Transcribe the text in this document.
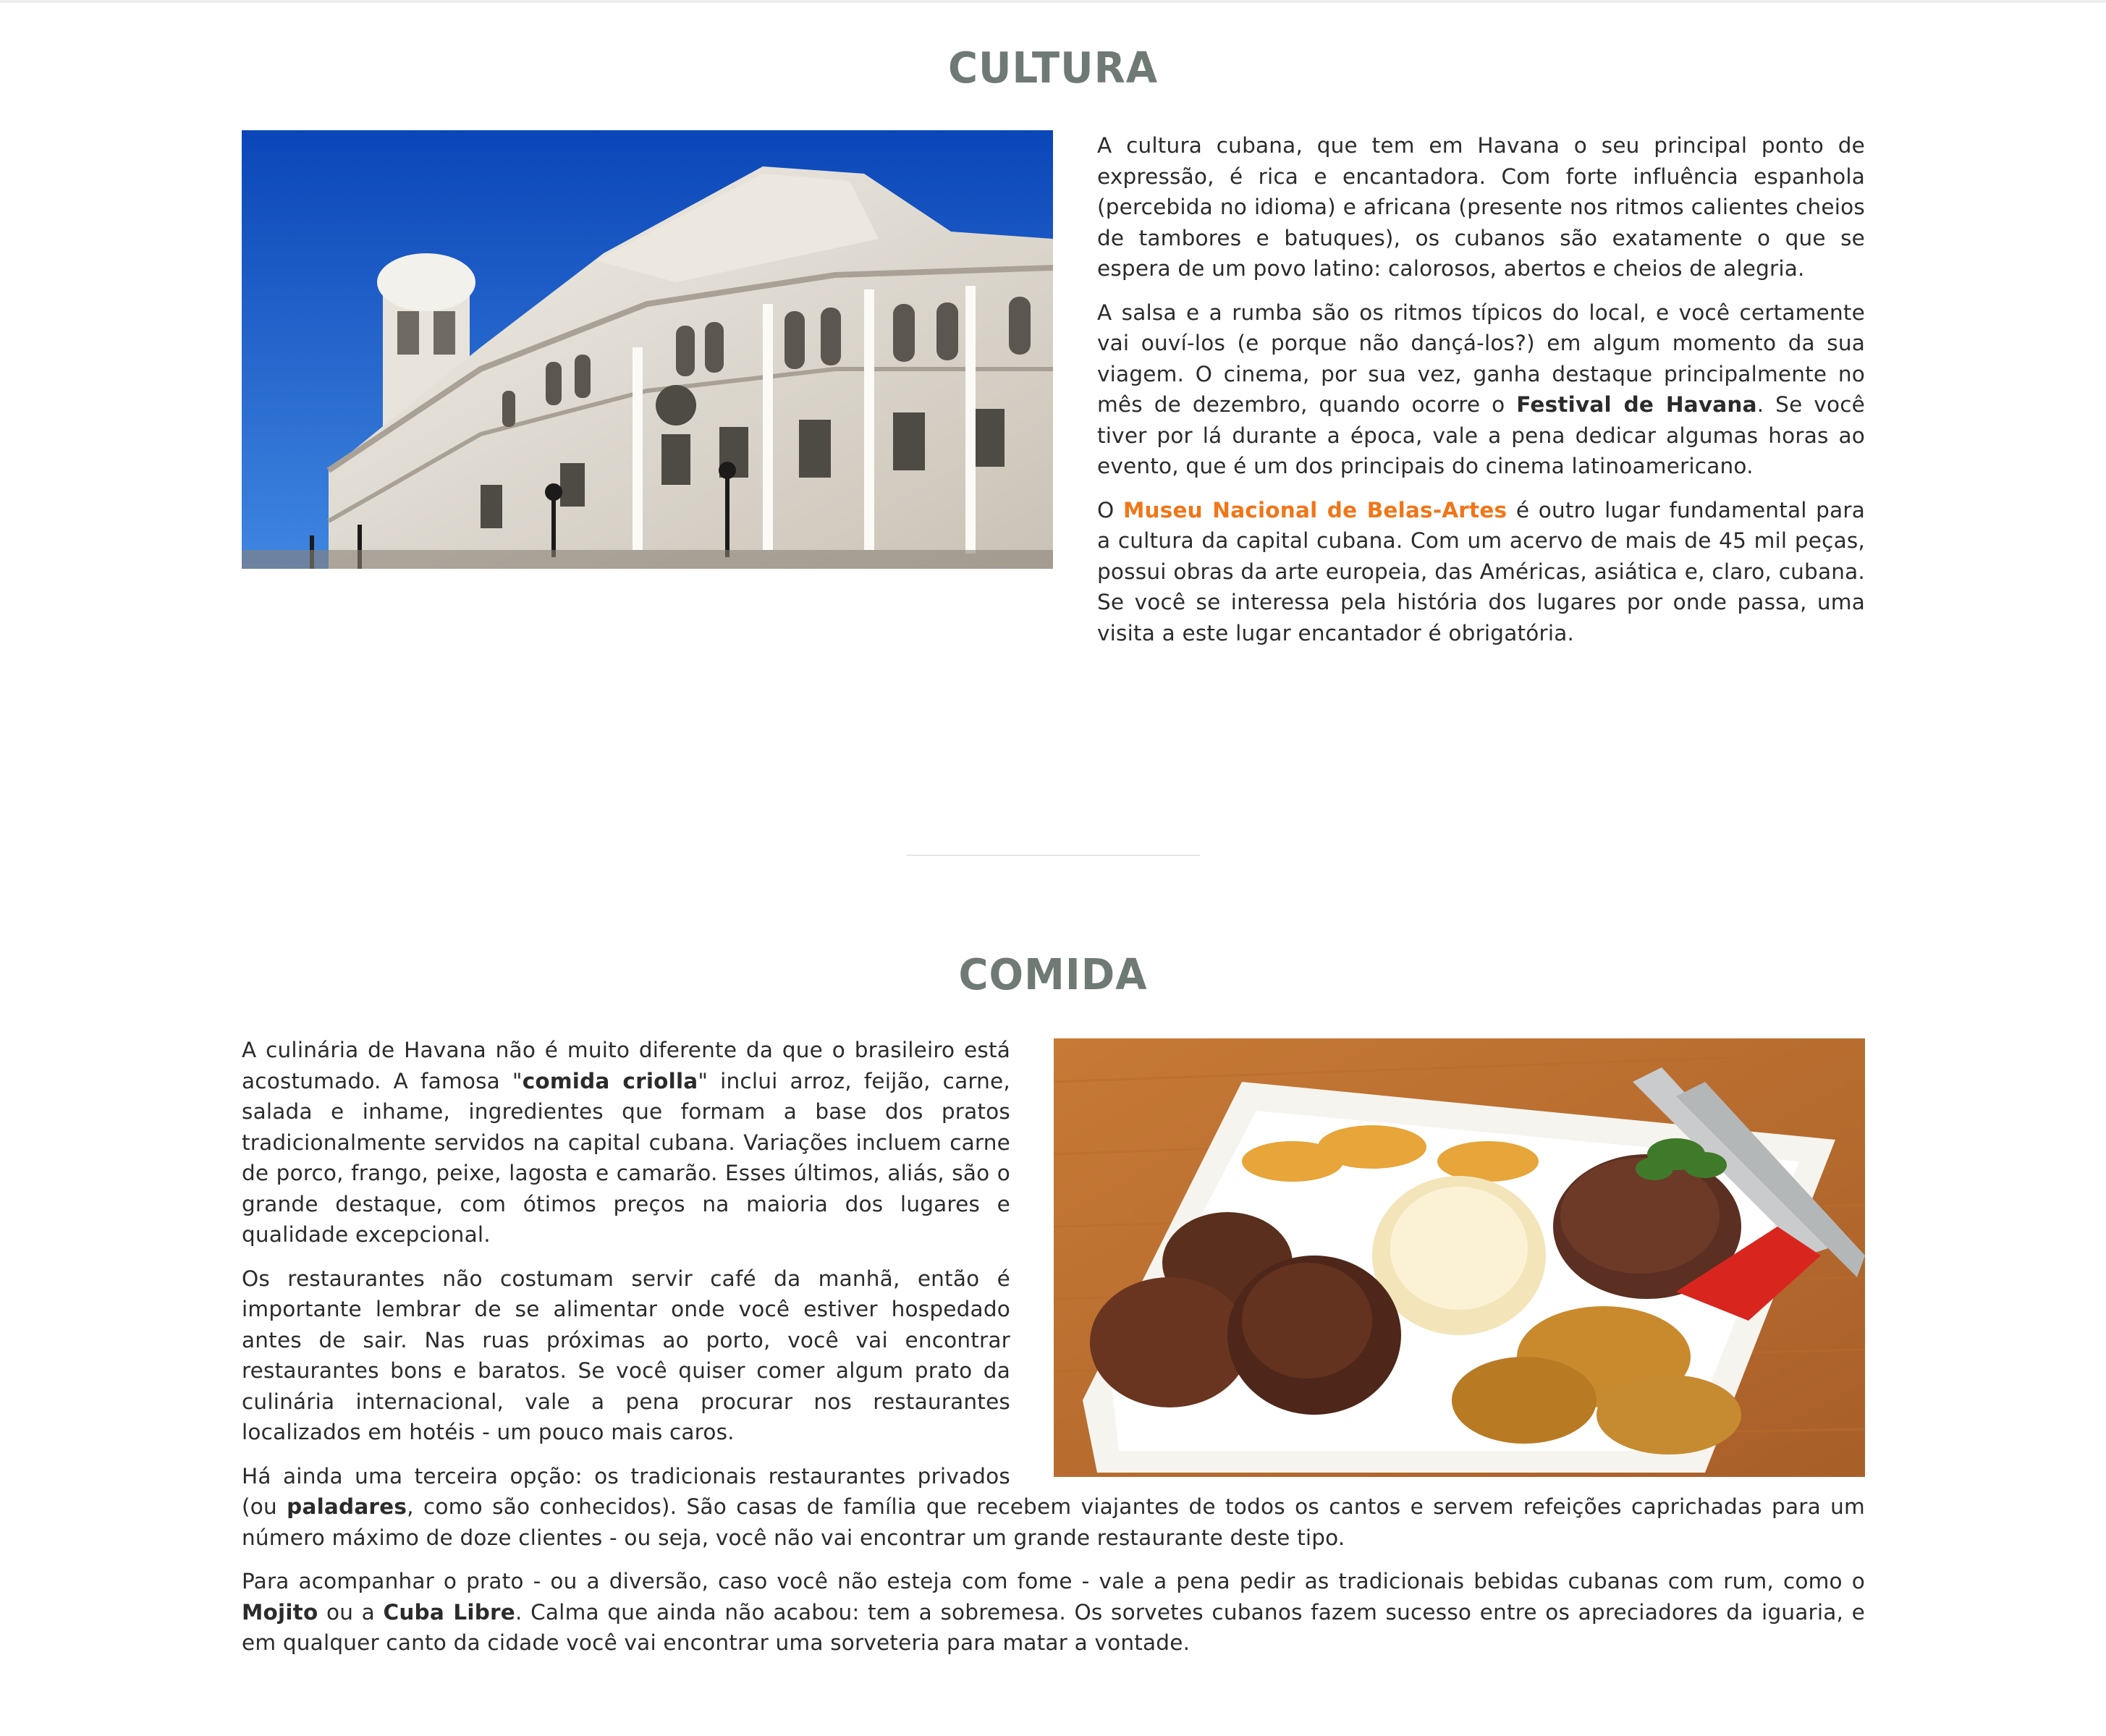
CULTURA

A cultura cubana, que tem em Havana o seu principal ponto de expressão, é rica e encantadora. Com forte influência espanhola (percebida no idioma) e africana (presente nos ritmos calientes cheios de tambores e batuques), os cubanos são exatamente o que se espera de um povo latino: calorosos, abertos e cheios de alegria.

A salsa e a rumba são os ritmos típicos do local, e você certamente vai ouví-los (e porque não dançá-los?) em algum momento da sua viagem. O cinema, por sua vez, ganha destaque principalmente no mês de dezembro, quando ocorre o Festival de Havana. Se você tiver por lá durante a época, vale a pena dedicar algumas horas ao evento, que é um dos principais do cinema latinoamericano.

O Museu Nacional de Belas-Artes é outro lugar fundamental para a cultura da capital cubana. Com um acervo de mais de 45 mil peças, possui obras da arte europeia, das Américas, asiática e, claro, cubana. Se você se interessa pela história dos lugares por onde passa, uma visita a este lugar encantador é obrigatória.

COMIDA

A culinária de Havana não é muito diferente da que o brasileiro está acostumado. A famosa "comida criolla" inclui arroz, feijão, carne, salada e inhame, ingredientes que formam a base dos pratos tradicionalmente servidos na capital cubana. Variações incluem carne de porco, frango, peixe, lagosta e camarão. Esses últimos, aliás, são o grande destaque, com ótimos preços na maioria dos lugares e qualidade excepcional.

Os restaurantes não costumam servir café da manhã, então é importante lembrar de se alimentar onde você estiver hospedado antes de sair. Nas ruas próximas ao porto, você vai encontrar restaurantes bons e baratos. Se você quiser comer algum prato da culinária internacional, vale a pena procurar nos restaurantes localizados em hotéis - um pouco mais caros.

Há ainda uma terceira opção: os tradicionais restaurantes privados (ou paladares, como são conhecidos). São casas de família que recebem viajantes de todos os cantos e servem refeições caprichadas para um número máximo de doze clientes - ou seja, você não vai encontrar um grande restaurante deste tipo.

Para acompanhar o prato - ou a diversão, caso você não esteja com fome - vale a pena pedir as tradicionais bebidas cubanas com rum, como o Mojito ou a Cuba Libre. Calma que ainda não acabou: tem a sobremesa. Os sorvetes cubanos fazem sucesso entre os apreciadores da iguaria, e em qualquer canto da cidade você vai encontrar uma sorveteria para matar a vontade.
